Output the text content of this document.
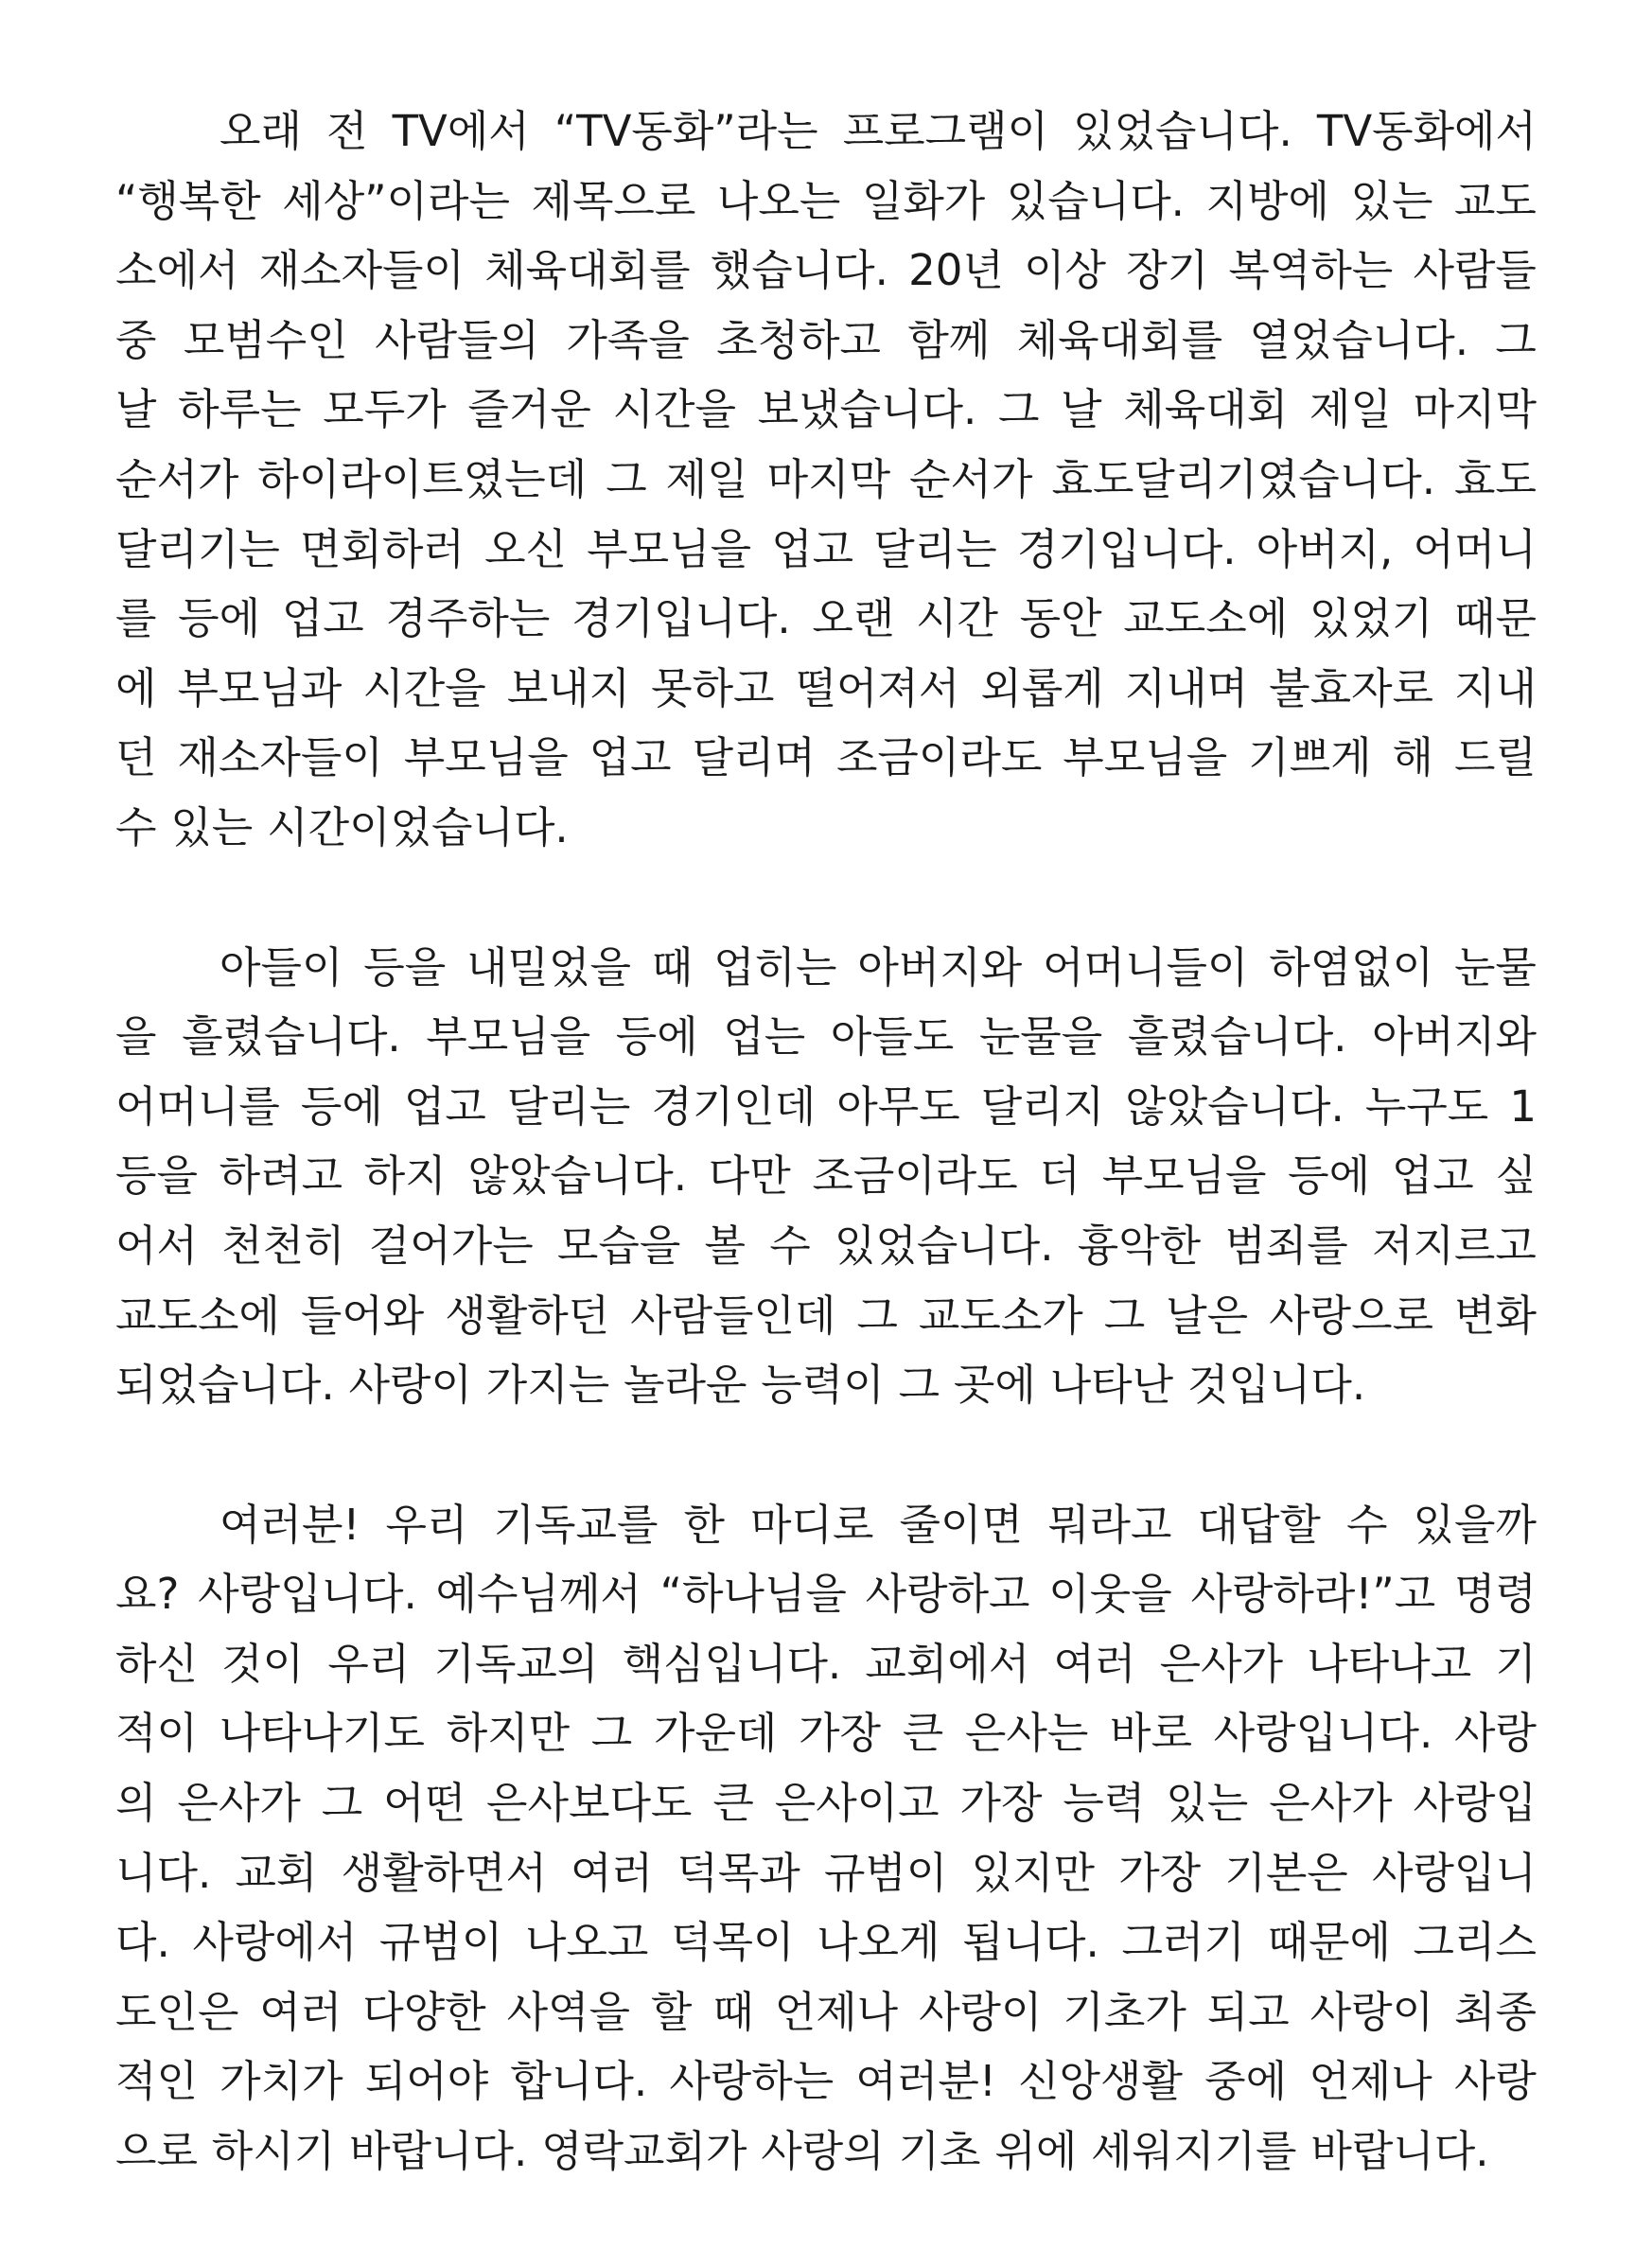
오래 전 TV에서 “TV동화”라는 프로그램이 있었습니다. TV동화에서
“행복한 세상”이라는 제목으로 나오는 일화가 있습니다. 지방에 있는 교도
소에서 재소자들이 체육대회를 했습니다. 20년 이상 장기 복역하는 사람들
중 모범수인 사람들의 가족을 초청하고 함께 체육대회를 열었습니다. 그
날 하루는 모두가 즐거운 시간을 보냈습니다. 그 날 체육대회 제일 마지막
순서가 하이라이트였는데 그 제일 마지막 순서가 효도달리기였습니다. 효도
달리기는 면회하러 오신 부모님을 업고 달리는 경기입니다. 아버지, 어머니
를 등에 업고 경주하는 경기입니다. 오랜 시간 동안 교도소에 있었기 때문
에 부모님과 시간을 보내지 못하고 떨어져서 외롭게 지내며 불효자로 지내
던 재소자들이 부모님을 업고 달리며 조금이라도 부모님을 기쁘게 해 드릴
수 있는 시간이었습니다.
아들이 등을 내밀었을 때 업히는 아버지와 어머니들이 하염없이 눈물
을 흘렸습니다. 부모님을 등에 업는 아들도 눈물을 흘렸습니다. 아버지와
어머니를 등에 업고 달리는 경기인데 아무도 달리지 않았습니다. 누구도 1
등을 하려고 하지 않았습니다. 다만 조금이라도 더 부모님을 등에 업고 싶
어서 천천히 걸어가는 모습을 볼 수 있었습니다. 흉악한 범죄를 저지르고
교도소에 들어와 생활하던 사람들인데 그 교도소가 그 날은 사랑으로 변화
되었습니다. 사랑이 가지는 놀라운 능력이 그 곳에 나타난 것입니다.
여러분! 우리 기독교를 한 마디로 줄이면 뭐라고 대답할 수 있을까
요? 사랑입니다. 예수님께서 “하나님을 사랑하고 이웃을 사랑하라!”고 명령
하신 것이 우리 기독교의 핵심입니다. 교회에서 여러 은사가 나타나고 기
적이 나타나기도 하지만 그 가운데 가장 큰 은사는 바로 사랑입니다. 사랑
의 은사가 그 어떤 은사보다도 큰 은사이고 가장 능력 있는 은사가 사랑입
니다. 교회 생활하면서 여러 덕목과 규범이 있지만 가장 기본은 사랑입니
다. 사랑에서 규범이 나오고 덕목이 나오게 됩니다. 그러기 때문에 그리스
도인은 여러 다양한 사역을 할 때 언제나 사랑이 기초가 되고 사랑이 최종
적인 가치가 되어야 합니다. 사랑하는 여러분! 신앙생활 중에 언제나 사랑
으로 하시기 바랍니다. 영락교회가 사랑의 기초 위에 세워지기를 바랍니다.
